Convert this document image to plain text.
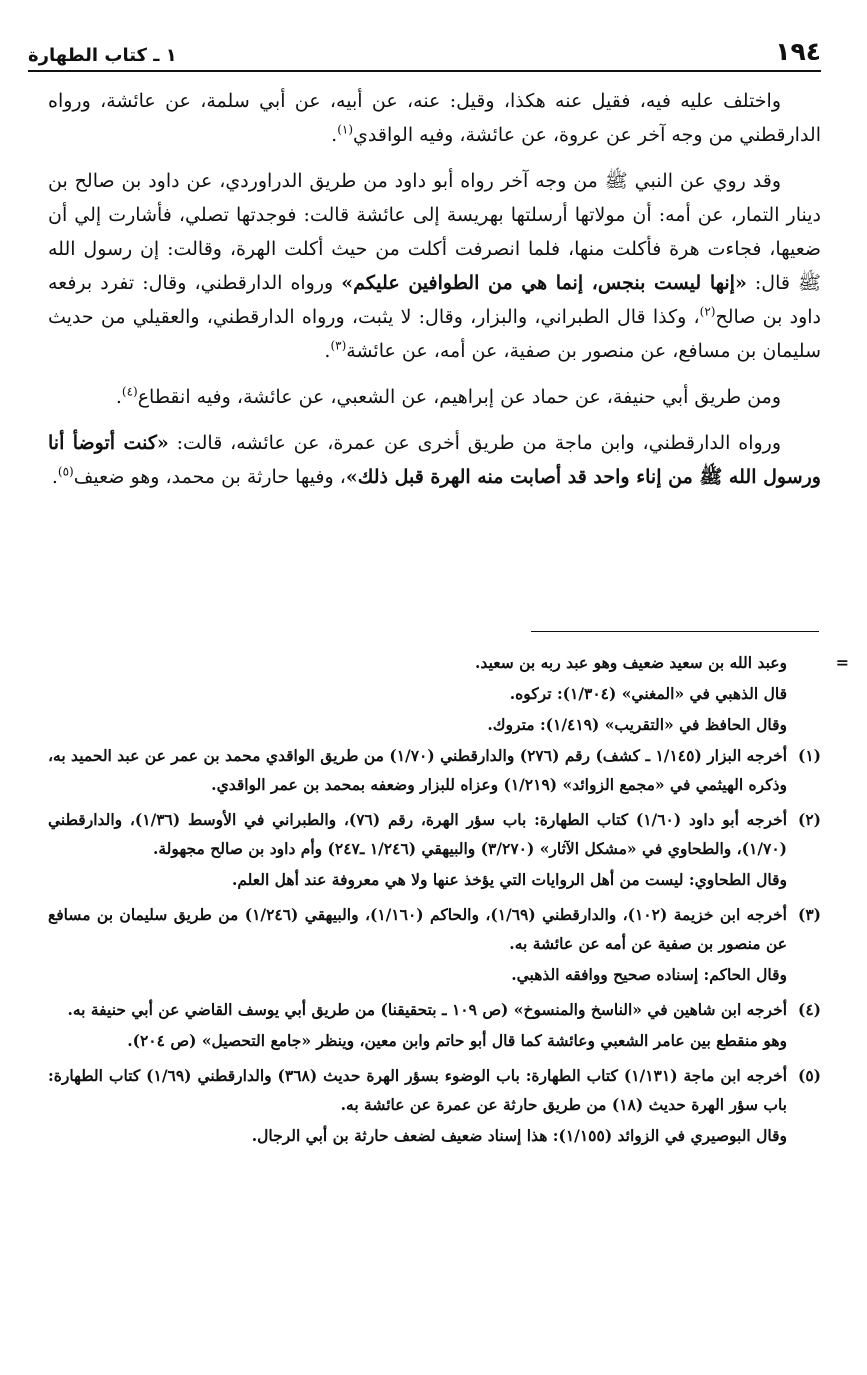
١٩٤
١ ـ كتاب الطهارة

واختلف عليه فيه، فقيل عنه هكذا، وقيل: عنه، عن أبيه، عن أبي سلمة، عن عائشة، ورواه الدارقطني من وجه آخر عن عروة، عن عائشة، وفيه الواقدي$^{(١)}$.

وقد روي عن النبي ﷺ من وجه آخر رواه أبو داود من طريق الدراوردي، عن داود بن صالح بن دينار التمار، عن أمه: أن مولاتها أرسلتها بهريسة إلى عائشة قالت: فوجدتها تصلي، فأشارت إلي أن ضعيها، فجاءت هرة فأكلت منها، فلما انصرفت أكلت من حيث أكلت الهرة، وقالت: إن رسول الله ﷺ قال: «إنها ليست بنجس، إنما هي من الطوافين عليكم» ورواه الدارقطني، وقال: تفرد برفعه داود بن صالح$^{(٢)}$، وكذا قال الطبراني، والبزار، وقال: لا يثبت، ورواه الدارقطني، والعقيلي من حديث سليمان بن مسافع، عن منصور بن صفية، عن أمه، عن عائشة$^{(٣)}$.

ومن طريق أبي حنيفة، عن حماد عن إبراهيم، عن الشعبي، عن عائشة، وفيه انقطاع$^{(٤)}$.

ورواه الدارقطني، وابن ماجة من طريق أخرى عن عمرة، عن عائشه، قالت: «كنت أتوضأ أنا ورسول الله ﷺ من إناء واحد قد أصابت منه الهرة قبل ذلك»، وفيها حارثة بن محمد، وهو ضعيف$^{(٥)}$.

=

وعبد الله بن سعيد ضعيف وهو عبد ربه بن سعيد.

قال الذهبي في «المغني» (١/٣٠٤): تركوه.

وقال الحافظ في «التقريب» (١/٤١٩): متروك.

(١)

أخرجه البزار (١/١٤٥ ـ كشف) رقم (٢٧٦) والدارقطني (١/٧٠) من طريق الواقدي محمد بن عمر عن عبد الحميد به، وذكره الهيثمي في «مجمع الزوائد» (١/٢١٩) وعزاه للبزار وضعفه بمحمد بن عمر الواقدي.

(٢)

أخرجه أبو داود (١/٦٠) كتاب الطهارة: باب سؤر الهرة، رقم (٧٦)، والطبراني في الأوسط (١/٣٦)، والدارقطني (١/٧٠)، والطحاوي في «مشكل الآثار» (٣/٢٧٠) والبيهقي (١/٢٤٦ ـ٢٤٧) وأم داود بن صالح مجهولة.

وقال الطحاوي: ليست من أهل الروايات التي يؤخذ عنها ولا هي معروفة عند أهل العلم.

(٣)

أخرجه ابن خزيمة (١٠٢)، والدارقطني (١/٦٩)، والحاكم (١/١٦٠)، والبيهقي (١/٢٤٦) من طريق سليمان بن مسافع عن منصور بن صفية عن أمه عن عائشة به.

وقال الحاكم: إسناده صحيح ووافقه الذهبي.

(٤)

أخرجه ابن شاهين في «الناسخ والمنسوخ» (ص ١٠٩ ـ بتحقيقنا) من طريق أبي يوسف القاضي عن أبي حنيفة به.

وهو منقطع بين عامر الشعبي وعائشة كما قال أبو حاتم وابن معين، وينظر «جامع التحصيل» (ص ٢٠٤).

(٥)

أخرجه ابن ماجة (١/١٣١) كتاب الطهارة: باب الوضوء بسؤر الهرة حديث (٣٦٨) والدارقطني (١/٦٩) كتاب الطهارة: باب سؤر الهرة حديث (١٨) من طريق حارثة عن عمرة عن عائشة به.

وقال البوصيري في الزوائد (١/١٥٥): هذا إسناد ضعيف لضعف حارثة بن أبي الرجال.
